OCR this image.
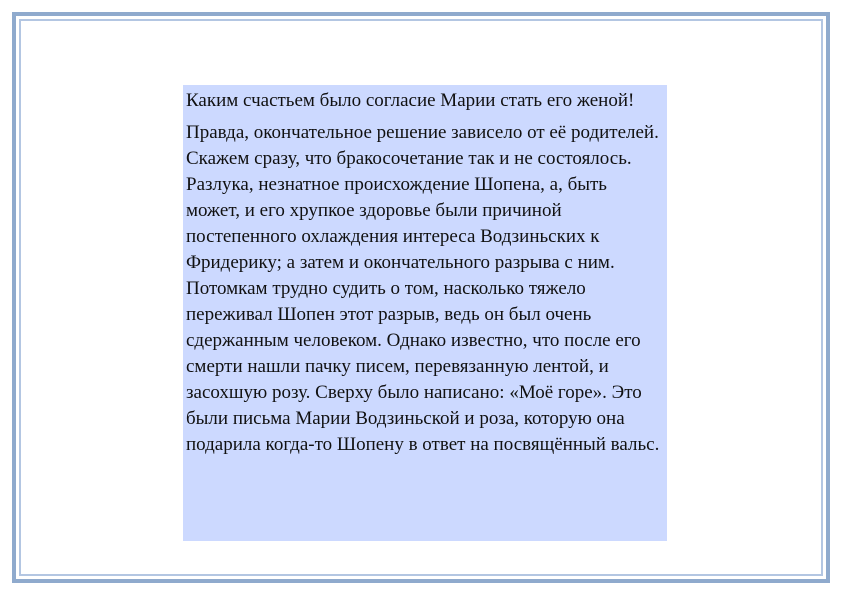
Каким счастьем было согласие Марии стать его женой!

Правда, окончательное решение зависело от её родителей. Скажем сразу, что бракосочетание так и не состоялось. Разлука, незнатное происхождение Шопена, а, быть может, и его хрупкое здоровье были причиной постепенного охлаждения интереса Водзиньских к Фридерику; а затем и окончательного разрыва с ним. Потомкам трудно судить о том, насколько тяжело переживал Шопен этот разрыв, ведь он был очень сдержанным человеком. Однако известно, что после его смерти нашли пачку писем, перевязанную лентой, и засохшую розу. Сверху было написано: «Моё горе». Это были письма Марии Водзиньской и роза, которую она подарила когда-то Шопену в ответ на посвящённый вальс.
